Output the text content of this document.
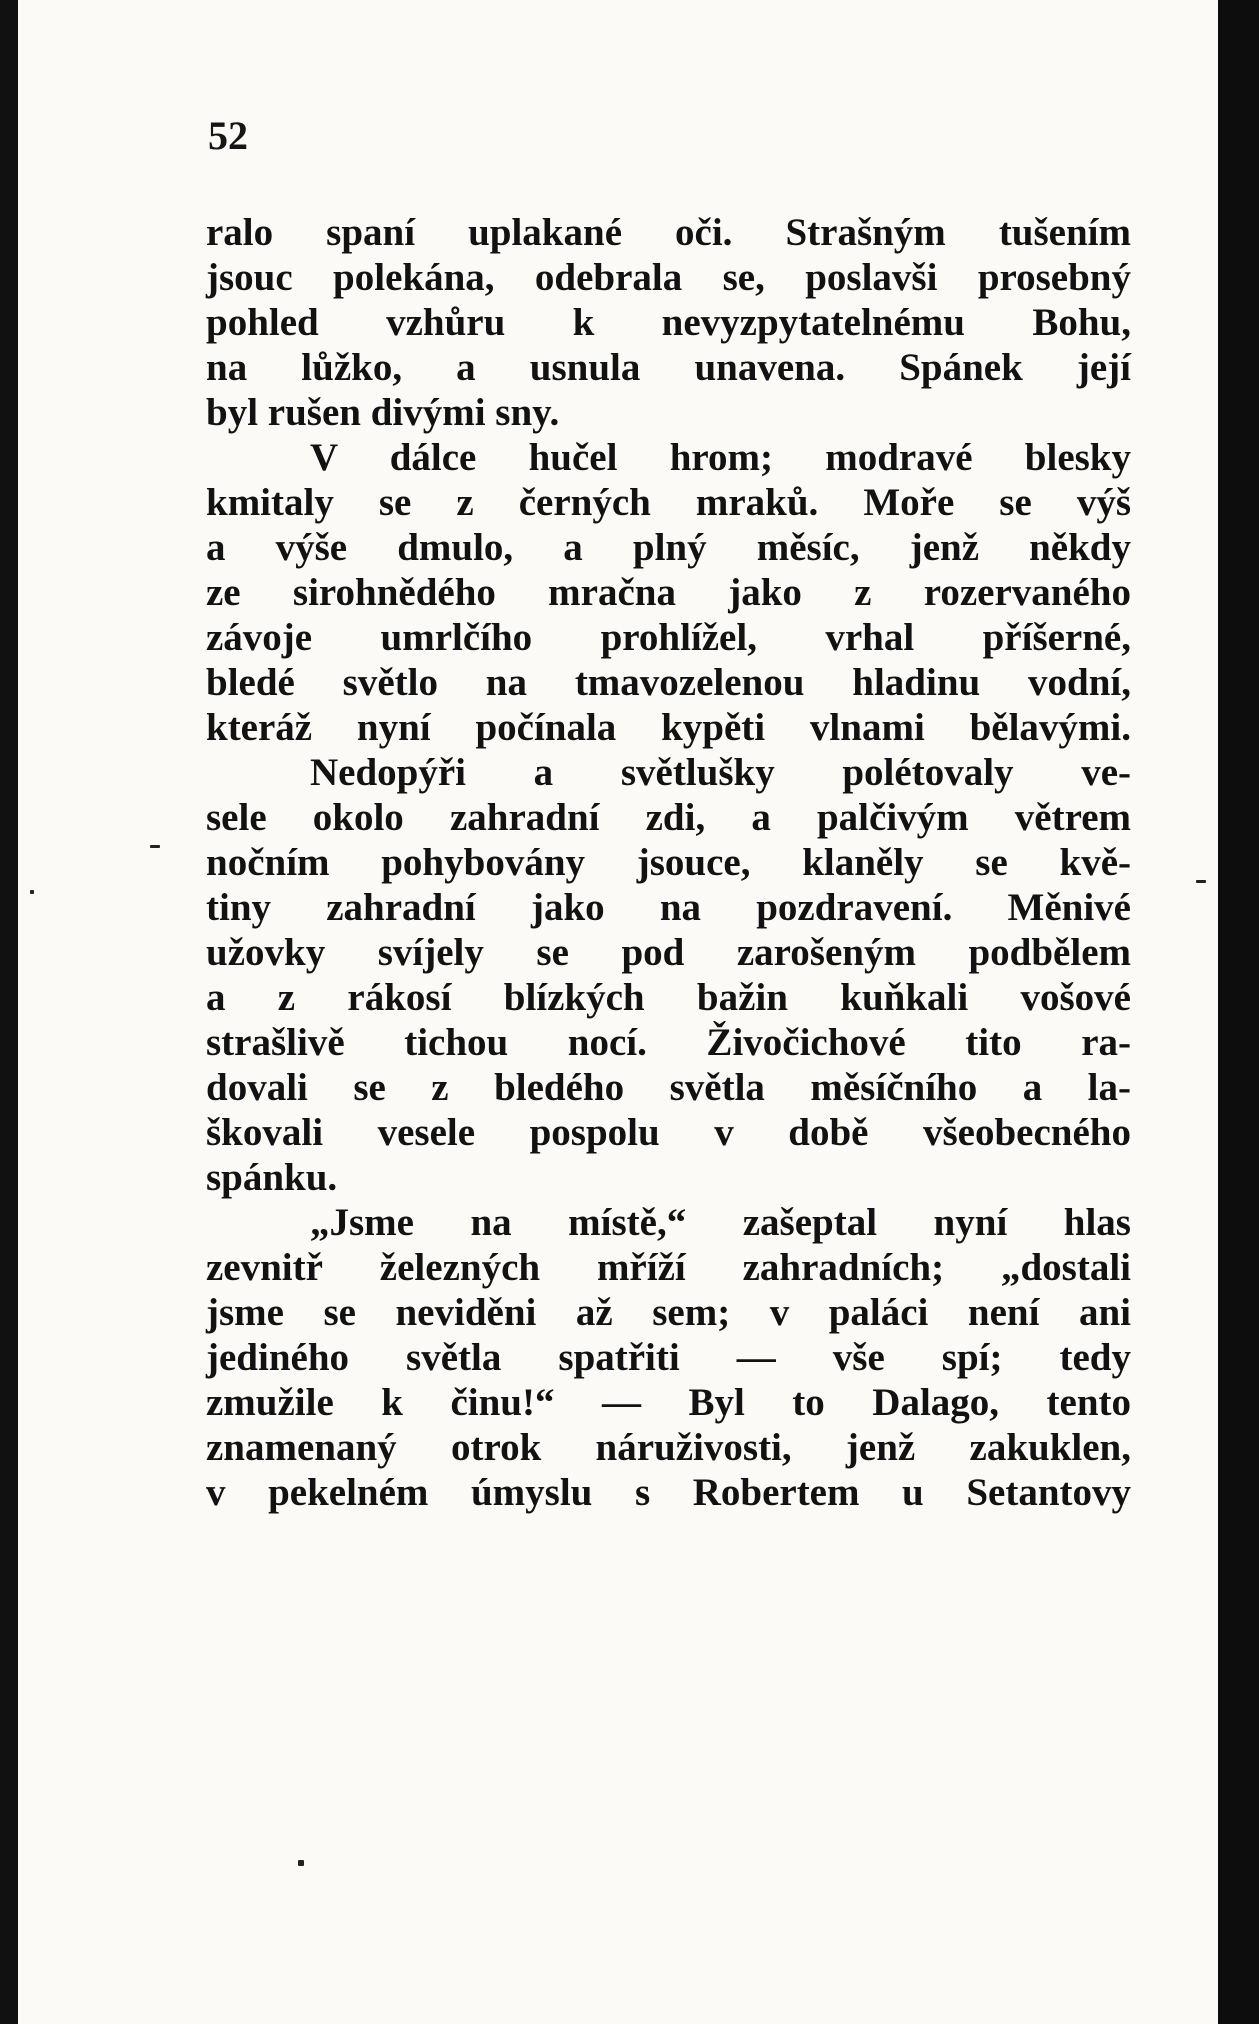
52
ralo spaní uplakané oči. Strašným tušením
jsouc polekána, odebrala se, poslavši prosebný
pohled vzhůru k nevyzpytatelnému Bohu,
na lůžko, a usnula unavena. Spánek její
byl rušen divými sny.
V dálce hučel hrom; modravé blesky
kmitaly se z černých mraků. Moře se výš
a výše dmulo, a plný měsíc, jenž někdy
ze sirohnědého mračna jako z rozervaného
závoje umrlčího prohlížel, vrhal příšerné,
bledé světlo na tmavozelenou hladinu vodní,
kteráž nyní počínala kypěti vlnami bělavými.
Nedopýři a světlušky polétovaly ve-
sele okolo zahradní zdi, a palčivým větrem
nočním pohybovány jsouce, klaněly se kvě-
tiny zahradní jako na pozdravení. Měnivé
užovky svíjely se pod zarošeným podbělem
a z rákosí blízkých bažin kuňkali vošové
strašlivě tichou nocí. Živočichové tito ra-
dovali se z bledého světla měsíčního a la-
škovali vesele pospolu v době všeobecného
spánku.
„Jsme na místě,“ zašeptal nyní hlas
zevnitř železných mříží zahradních; „dostali
jsme se neviděni až sem; v paláci není ani
jediného světla spatřiti — vše spí; tedy
zmužile k činu!“ — Byl to Dalago, tento
znamenaný otrok náruživosti, jenž zakuklen,
v pekelném úmyslu s Robertem u Setantovy
